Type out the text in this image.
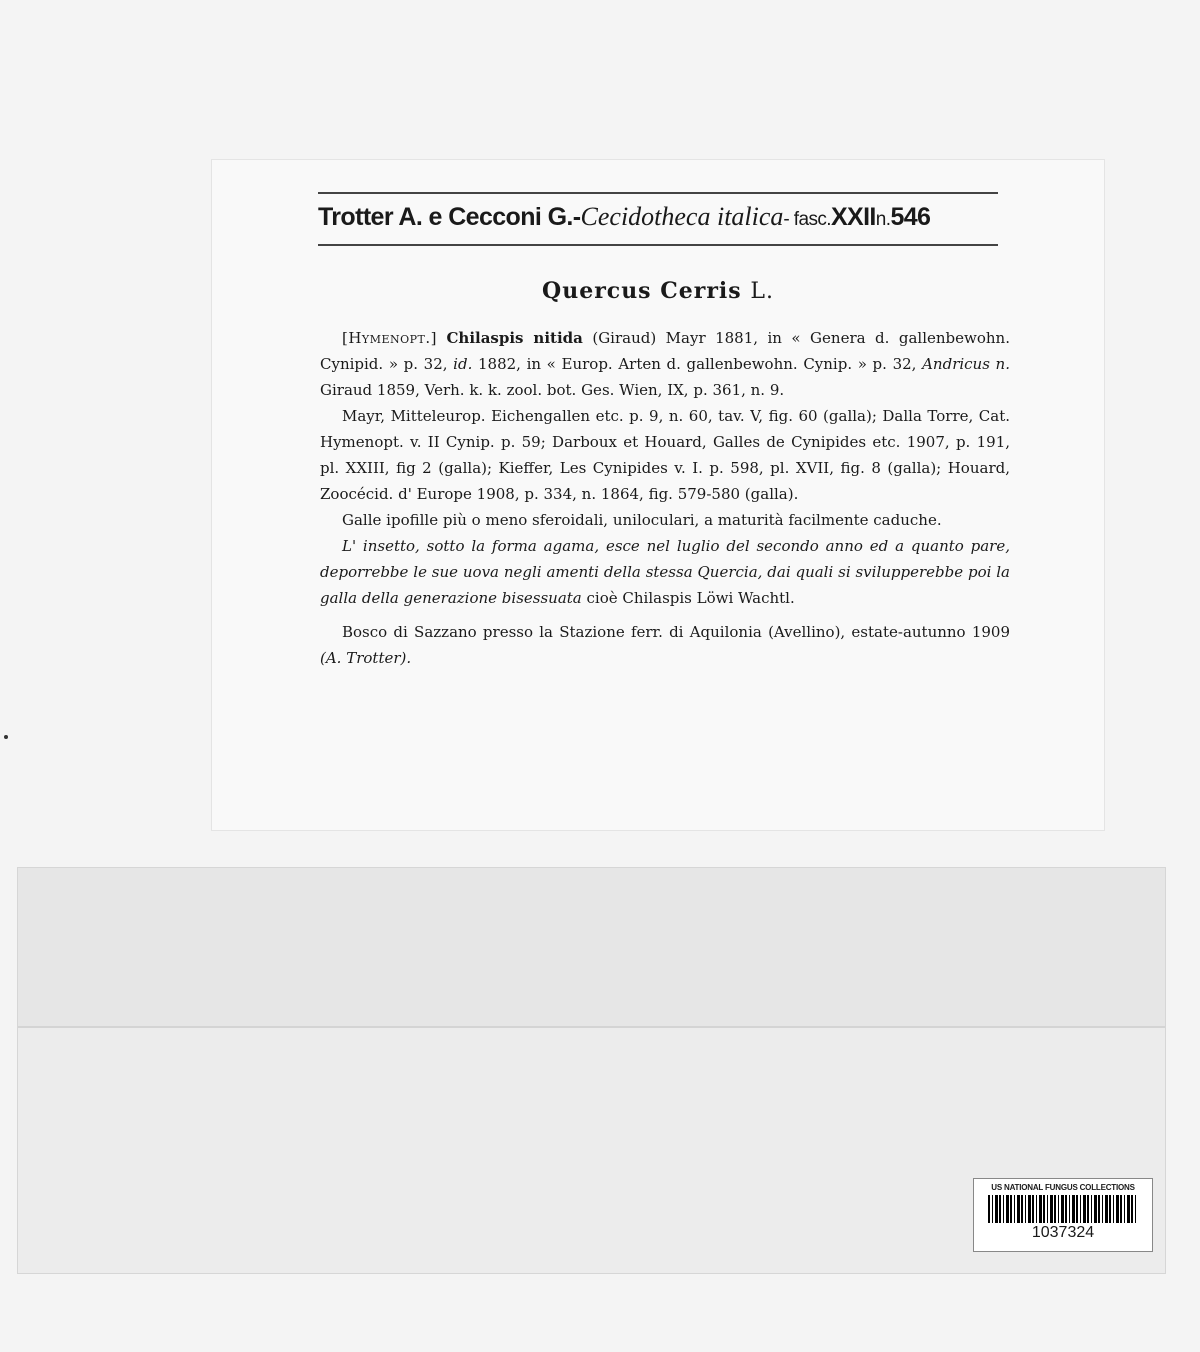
Trotter A. e Cecconi G.- Cecidotheca italica - fasc. XXII n. 546
Quercus Cerris L.

[Hymenopt.] Chilaspis nitida (Giraud) Mayr 1881, in « Genera d. gallenbewohn. Cynipid. » p. 32, id. 1882, in « Europ. Arten d. gallenbewohn. Cynip. » p. 32, Andricus n. Giraud 1859, Verh. k. k. zool. bot. Ges. Wien, IX, p. 361, n. 9.

Mayr, Mitteleurop. Eichengallen etc. p. 9, n. 60, tav. V, fig. 60 (galla); Dalla Torre, Cat. Hymenopt. v. II Cynip. p. 59; Darboux et Houard, Galles de Cynipides etc. 1907, p. 191, pl. XXIII, fig 2 (galla); Kieffer, Les Cynipides v. I. p. 598, pl. XVII, fig. 8 (galla); Houard, Zoocécid. d' Europe 1908, p. 334, n. 1864, fig. 579-580 (galla).

Galle ipofille più o meno sferoidali, uniloculari, a maturità facilmente caduche.

L' insetto, sotto la forma agama, esce nel luglio del secondo anno ed a quanto pare, deporrebbe le sue uova negli amenti della stessa Quercia, dai quali si svilupperebbe poi la galla della generazione bisessuata cioè Chilaspis Löwi Wachtl.

Bosco di Sazzano presso la Stazione ferr. di Aquilonia (Avellino), estate-autunno 1909 (A. Trotter).

US NATIONAL FUNGUS COLLECTIONS
1037324
